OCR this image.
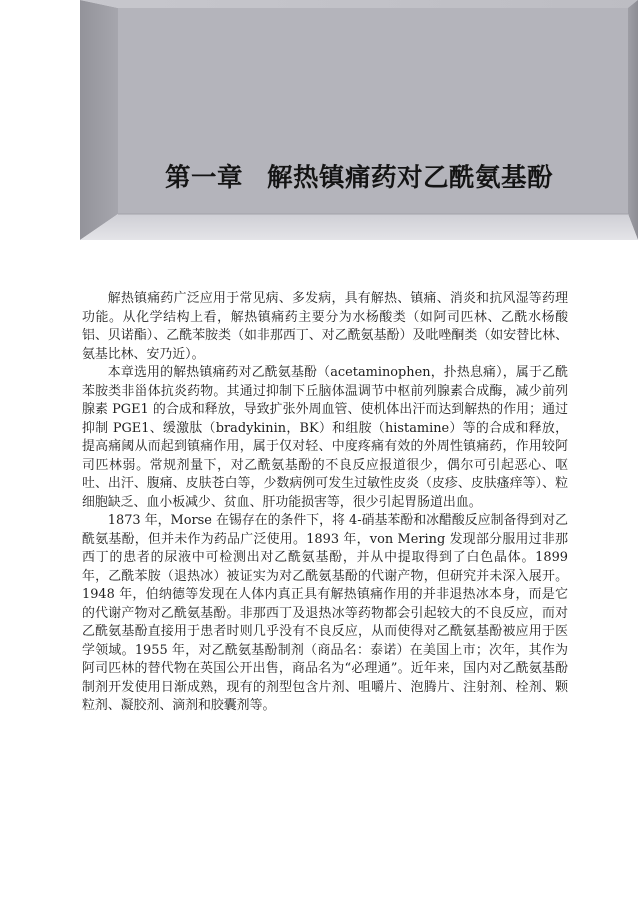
第一章 解热镇痛药对乙酰氨基酚

解热镇痛药广泛应用于常见病、多发病，具有解热、镇痛、消炎和抗风湿等药理功能。从化学结构上看，解热镇痛药主要分为水杨酸类（如阿司匹林、乙酰水杨酸铝、贝诺酯）、乙酰苯胺类（如非那西丁、对乙酰氨基酚）及吡唑酮类（如安替比林、氨基比林、安乃近）。

本章选用的解热镇痛药对乙酰氨基酚（acetaminophen，扑热息痛），属于乙酰苯胺类非甾体抗炎药物。其通过抑制下丘脑体温调节中枢前列腺素合成酶，减少前列腺素 PGE1 的合成和释放，导致扩张外周血管、使机体出汗而达到解热的作用；通过抑制 PGE1、缓激肽（bradykinin，BK）和组胺（histamine）等的合成和释放，提高痛阈从而起到镇痛作用，属于仅对轻、中度疼痛有效的外周性镇痛药，作用较阿司匹林弱。常规剂量下，对乙酰氨基酚的不良反应报道很少，偶尔可引起恶心、呕吐、出汗、腹痛、皮肤苍白等，少数病例可发生过敏性皮炎（皮疹、皮肤瘙痒等）、粒细胞缺乏、血小板减少、贫血、肝功能损害等，很少引起胃肠道出血。

1873 年，Morse 在锡存在的条件下，将 4-硝基苯酚和冰醋酸反应制备得到对乙酰氨基酚，但并未作为药品广泛使用。1893 年，von Mering 发现部分服用过非那西丁的患者的尿液中可检测出对乙酰氨基酚，并从中提取得到了白色晶体。1899 年，乙酰苯胺（退热冰）被证实为对乙酰氨基酚的代谢产物，但研究并未深入展开。1948 年，伯纳德等发现在人体内真正具有解热镇痛作用的并非退热冰本身，而是它的代谢产物对乙酰氨基酚。非那西丁及退热冰等药物都会引起较大的不良反应，而对乙酰氨基酚直接用于患者时则几乎没有不良反应，从而使得对乙酰氨基酚被应用于医学领域。1955 年，对乙酰氨基酚制剂（商品名：泰诺）在美国上市；次年，其作为阿司匹林的替代物在英国公开出售，商品名为“必理通”。近年来，国内对乙酰氨基酚制剂开发使用日渐成熟，现有的剂型包含片剂、咀嚼片、泡腾片、注射剂、栓剂、颗粒剂、凝胶剂、滴剂和胶囊剂等。
